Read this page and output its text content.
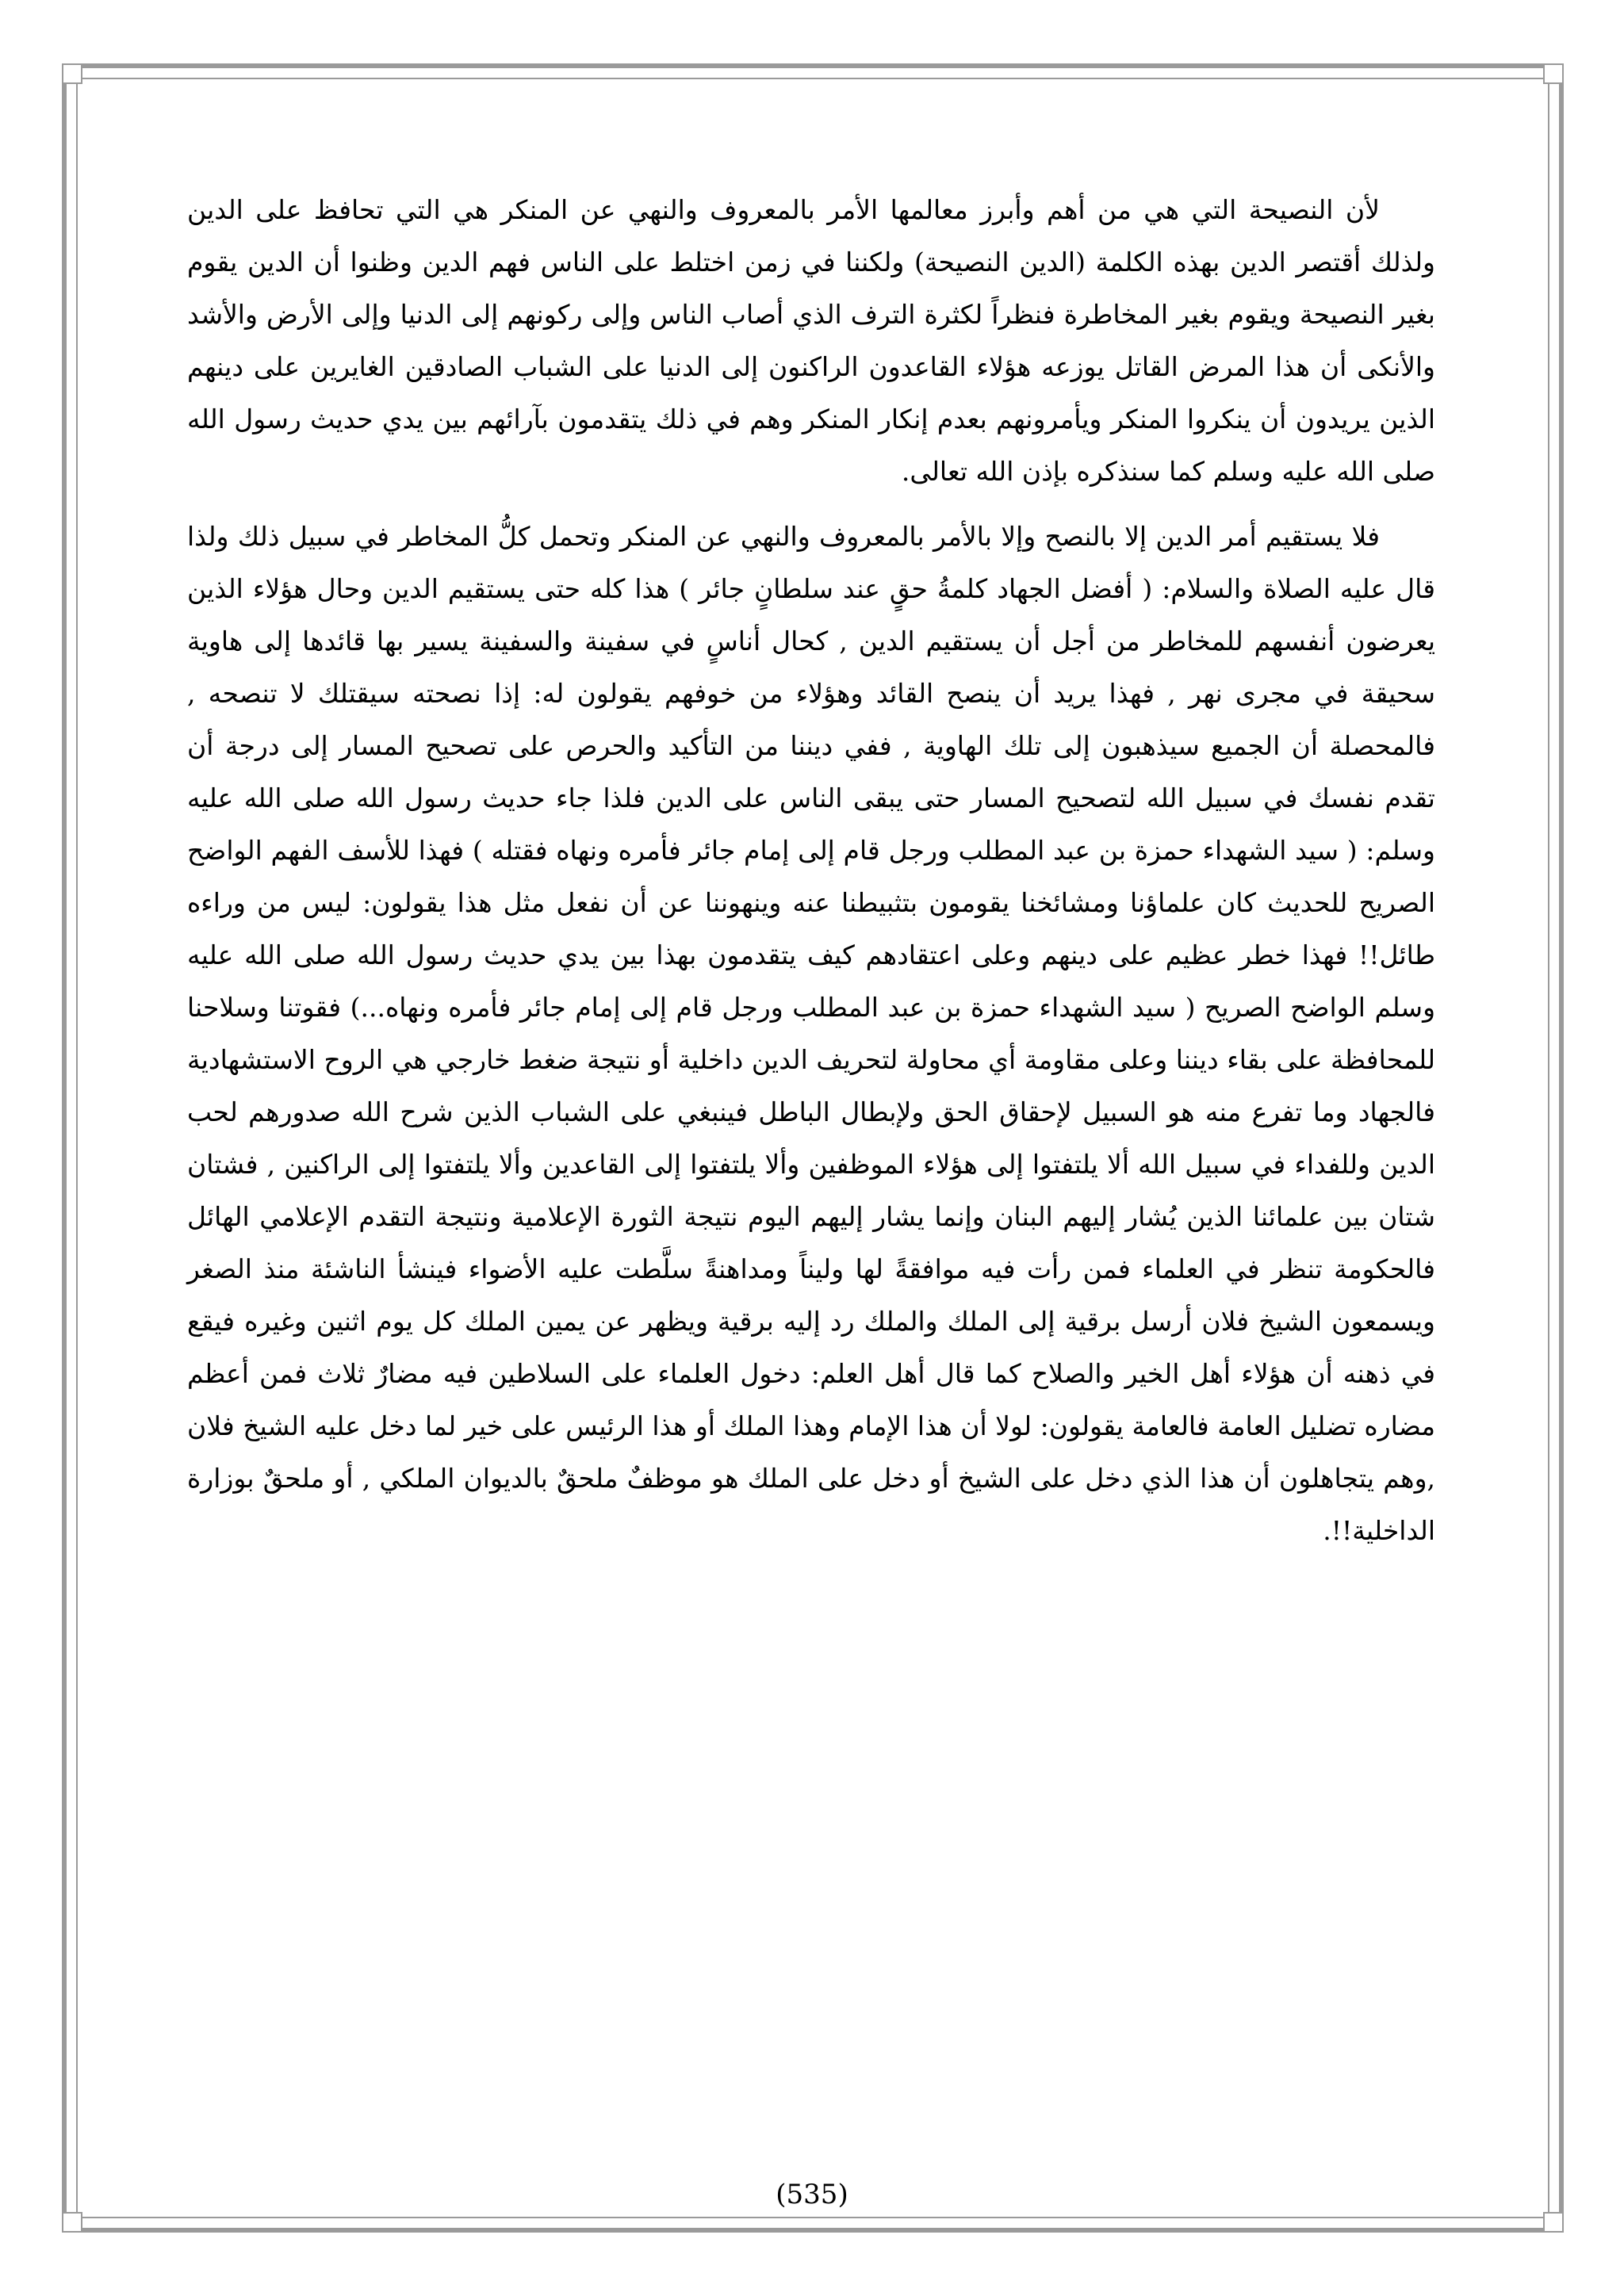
لأن النصيحة التي هي من أهم وأبرز معالمها الأمر بالمعروف والنهي عن المنكر هي التي تحافظ على الدين ولذلك أقتصر الدين بهذه الكلمة (الدين النصيحة) ولكننا في زمن اختلط على الناس فهم الدين وظنوا أن الدين يقوم بغير النصيحة ويقوم بغير المخاطرة فنظراً لكثرة الترف الذي أصاب الناس وإلى ركونهم إلى الدنيا وإلى الأرض والأشد والأنكى أن هذا المرض القاتل يوزعه هؤلاء القاعدون الراكنون إلى الدنيا على الشباب الصادقين الغايرين على دينهم الذين يريدون أن ينكروا المنكر ويأمرونهم بعدم إنكار المنكر وهم في ذلك يتقدمون بآرائهم بين يدي حديث رسول الله صلى الله عليه وسلم كما سنذكره بإذن الله تعالى.

فلا يستقيم أمر الدين إلا بالنصح وإلا بالأمر بالمعروف والنهي عن المنكر وتحمل كلُّ المخاطر في سبيل ذلك ولذا قال عليه الصلاة والسلام: ( أفضل الجهاد كلمةُ حقٍ عند سلطانٍ جائر ) هذا كله حتى يستقيم الدين وحال هؤلاء الذين يعرضون أنفسهم للمخاطر من أجل أن يستقيم الدين , كحال أناسٍ في سفينة والسفينة يسير بها قائدها إلى هاوية سحيقة في مجرى نهر , فهذا يريد أن ينصح القائد وهؤلاء من خوفهم يقولون له: إذا نصحته سيقتلك لا تنصحه , فالمحصلة أن الجميع سيذهبون إلى تلك الهاوية , ففي ديننا من التأكيد والحرص على تصحيح المسار إلى درجة أن تقدم نفسك في سبيل الله لتصحيح المسار حتى يبقى الناس على الدين فلذا جاء حديث رسول الله صلى الله عليه وسلم: ( سيد الشهداء حمزة بن عبد المطلب ورجل قام إلى إمام جائر فأمره ونهاه فقتله ) فهذا للأسف الفهم الواضح الصريح للحديث كان علماؤنا ومشائخنا يقومون بتثبيطنا عنه وينهوننا عن أن نفعل مثل هذا يقولون: ليس من وراءه طائل!! فهذا خطر عظيم على دينهم وعلى اعتقادهم كيف يتقدمون بهذا بين يدي حديث رسول الله صلى الله عليه وسلم الواضح الصريح ( سيد الشهداء حمزة بن عبد المطلب ورجل قام إلى إمام جائر فأمره ونهاه...) فقوتنا وسلاحنا للمحافظة على بقاء ديننا وعلى مقاومة أي محاولة لتحريف الدين داخلية أو نتيجة ضغط خارجي هي الروح الاستشهادية فالجهاد وما تفرع منه هو السبيل لإحقاق الحق ولإبطال الباطل فينبغي على الشباب الذين شرح الله صدورهم لحب الدين وللفداء في سبيل الله ألا يلتفتوا إلى هؤلاء الموظفين وألا يلتفتوا إلى القاعدين وألا يلتفتوا إلى الراكنين , فشتان شتان بين علمائنا الذين يُشار إليهم البنان وإنما يشار إليهم اليوم نتيجة الثورة الإعلامية ونتيجة التقدم الإعلامي الهائل فالحكومة تنظر في العلماء فمن رأت فيه موافقةً لها وليناً ومداهنةً سلَّطت عليه الأضواء فينشأ الناشئة منذ الصغر ويسمعون الشيخ فلان أرسل برقية إلى الملك والملك رد إليه برقية ويظهر عن يمين الملك كل يوم اثنين وغيره فيقع في ذهنه أن هؤلاء أهل الخير والصلاح كما قال أهل العلم: دخول العلماء على السلاطين فيه مضارٌ ثلاث فمن أعظم مضاره تضليل العامة فالعامة يقولون: لولا أن هذا الإمام وهذا الملك أو هذا الرئيس على خير لما دخل عليه الشيخ فلان ,وهم يتجاهلون أن هذا الذي دخل على الشيخ أو دخل على الملك هو موظفٌ ملحقٌ بالديوان الملكي , أو ملحقٌ بوزارة الداخلية!!.

(535)
